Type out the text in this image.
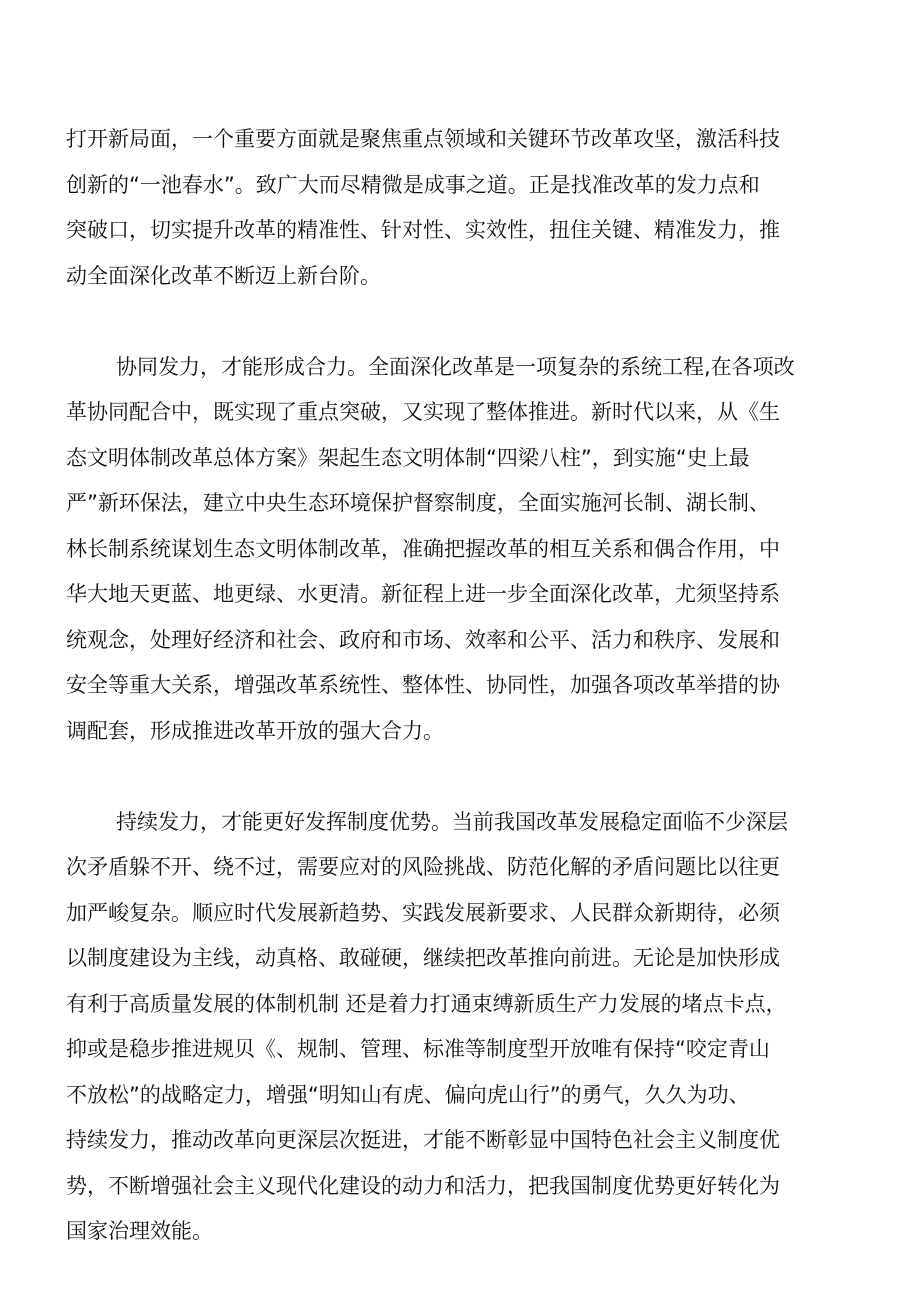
打开新局面，一个重要方面就是聚焦重点领域和关键环节改革攻坚，激活科技
创新的“一池春水”。致广大而尽精微是成事之道。正是找准改革的发力点和
突破口，切实提升改革的精准性、针对性、实效性，扭住关键、精准发力，推
动全面深化改革不断迈上新台阶。
协同发力，才能形成合力。全面深化改革是一项复杂的系统工程,在各项改
革协同配合中，既实现了重点突破，又实现了整体推进。新时代以来，从《生
态文明体制改革总体方案》架起生态文明体制“四梁八柱”，到实施“史上最
严”新环保法，建立中央生态环境保护督察制度，全面实施河长制、湖长制、
林长制系统谋划生态文明体制改革，准确把握改革的相互关系和偶合作用，中
华大地天更蓝、地更绿、水更清。新征程上进一步全面深化改革，尤须坚持系
统观念，处理好经济和社会、政府和市场、效率和公平、活力和秩序、发展和
安全等重大关系，增强改革系统性、整体性、协同性，加强各项改革举措的协
调配套，形成推进改革开放的强大合力。
持续发力，才能更好发挥制度优势。当前我国改革发展稳定面临不少深层
次矛盾躲不开、绕不过，需要应对的风险挑战、防范化解的矛盾问题比以往更
加严峻复杂。顺应时代发展新趋势、实践发展新要求、人民群众新期待，必须
以制度建设为主线，动真格、敢碰硬，继续把改革推向前进。无论是加快形成
有利于高质量发展的体制机制 还是着力打通束缚新质生产力发展的堵点卡点，
抑或是稳步推进规贝《、规制、管理、标准等制度型开放唯有保持“咬定青山
不放松”的战略定力，增强“明知山有虎、偏向虎山行”的勇气，久久为功、
持续发力，推动改革向更深层次挺进，才能不断彰显中国特色社会主义制度优
势，不断增强社会主义现代化建设的动力和活力，把我国制度优势更好转化为
国家治理效能。
